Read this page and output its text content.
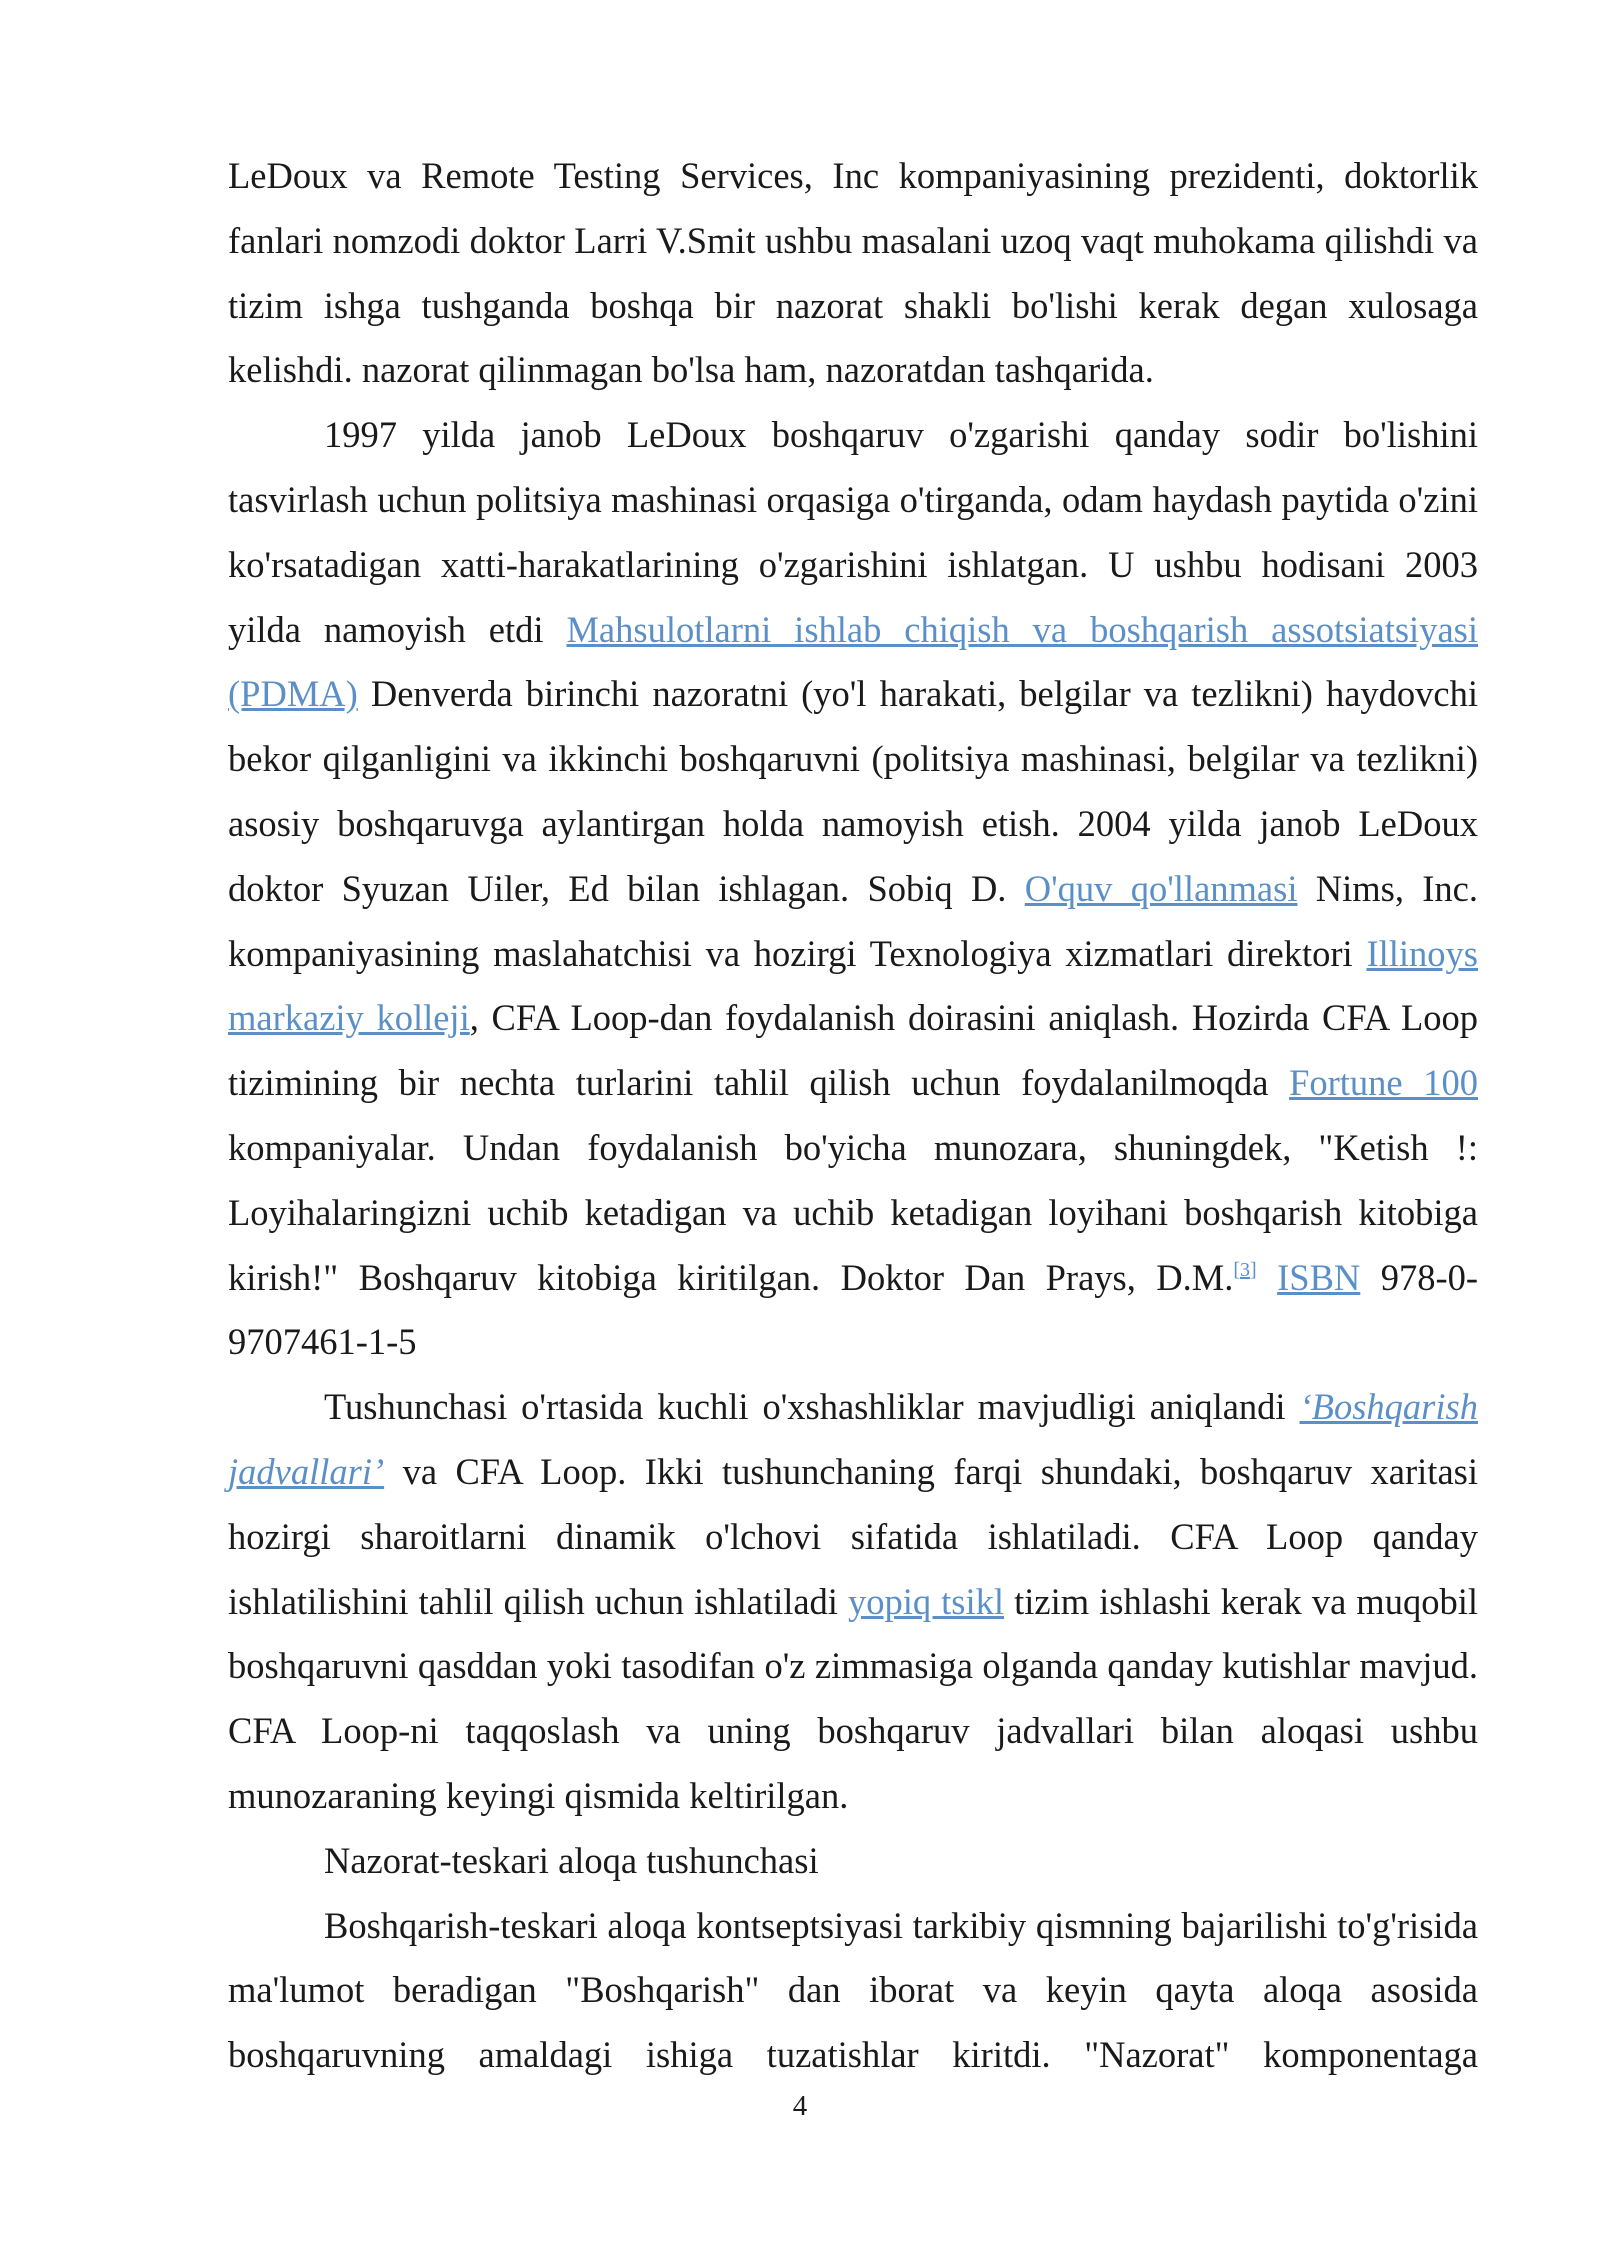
LeDoux va Remote Testing Services, Inc kompaniyasining prezidenti, doktorlik fanlari nomzodi doktor Larri V.Smit ushbu masalani uzoq vaqt muhokama qilishdi va tizim ishga tushganda boshqa bir nazorat shakli bo'lishi kerak degan xulosaga kelishdi. nazorat qilinmagan bo'lsa ham, nazoratdan tashqarida.

1997 yilda janob LeDoux boshqaruv o'zgarishi qanday sodir bo'lishini tasvirlash uchun politsiya mashinasi orqasiga o'tirganda, odam haydash paytida o'zini ko'rsatadigan xatti-harakatlarining o'zgarishini ishlatgan. U ushbu hodisani 2003 yilda namoyish etdi Mahsulotlarni ishlab chiqish va boshqarish assotsiatsiyasi (PDMA) Denverda birinchi nazoratni (yo'l harakati, belgilar va tezlikni) haydovchi bekor qilganligini va ikkinchi boshqaruvni (politsiya mashinasi, belgilar va tezlikni) asosiy boshqaruvga aylantirgan holda namoyish etish. 2004 yilda janob LeDoux doktor Syuzan Uiler, Ed bilan ishlagan. Sobiq D. O'quv qo'llanmasi Nims, Inc. kompaniyasining maslahatchisi va hozirgi Texnologiya xizmatlari direktori Illinoys markaziy kolleji, CFA Loop-dan foydalanish doirasini aniqlash. Hozirda CFA Loop tizimining bir nechta turlarini tahlil qilish uchun foydalanilmoqda Fortune 100 kompaniyalar. Undan foydalanish bo'yicha munozara, shuningdek, "Ketish !: Loyihalaringizni uchib ketadigan va uchib ketadigan loyihani boshqarish kitobiga kirish!" Boshqaruv kitobiga kiritilgan. Doktor Dan Prays, D.M.[3] ISBN 978-0-9707461-1-5

Tushunchasi o'rtasida kuchli o'xshashliklar mavjudligi aniqlandi ‘Boshqarish jadvallari’ va CFA Loop. Ikki tushunchaning farqi shundaki, boshqaruv xaritasi hozirgi sharoitlarni dinamik o'lchovi sifatida ishlatiladi. CFA Loop qanday ishlatilishini tahlil qilish uchun ishlatiladi yopiq tsikl tizim ishlashi kerak va muqobil boshqaruvni qasddan yoki tasodifan o'z zimmasiga olganda qanday kutishlar mavjud. CFA Loop-ni taqqoslash va uning boshqaruv jadvallari bilan aloqasi ushbu munozaraning keyingi qismida keltirilgan.

Nazorat-teskari aloqa tushunchasi

Boshqarish-teskari aloqa kontseptsiyasi tarkibiy qismning bajarilishi to'g'risida ma'lumot beradigan "Boshqarish" dan iborat va keyin qayta aloqa asosida boshqaruvning amaldagi ishiga tuzatishlar kiritdi. "Nazorat" komponentaga

4
